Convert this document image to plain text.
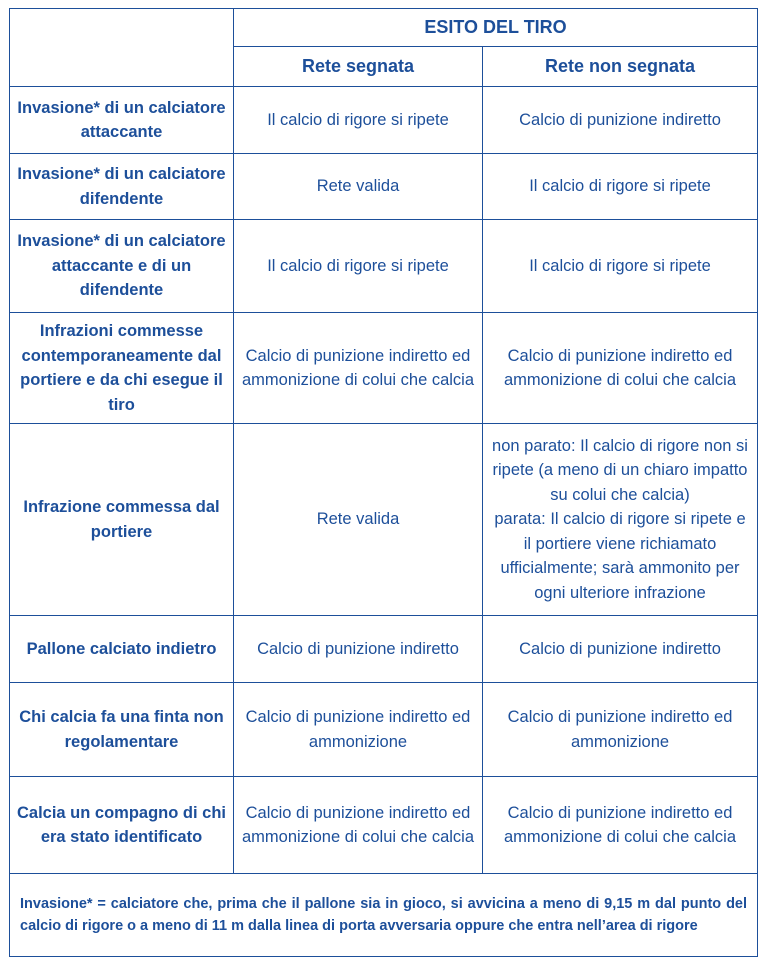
	ESITO DEL TIRO	
	Rete segnata	Rete non segnata
Invasione* di un calciatore attaccante	Il calcio di rigore si ripete	Calcio di punizione indiretto
Invasione* di un calciatore difendente	Rete valida	Il calcio di rigore si ripete
Invasione* di un calciatore attaccante e di un difendente	Il calcio di rigore si ripete	Il calcio di rigore si ripete
Infrazioni commesse contemporaneamente dal portiere e da chi esegue il tiro	Calcio di punizione indiretto ed ammonizione di colui che calcia	Calcio di punizione indiretto ed ammonizione di colui che calcia
Infrazione commessa dal portiere	Rete valida	non parato: Il calcio di rigore non si ripete (a meno di un chiaro impatto su colui che calcia)
parata: Il calcio di rigore si ripete e il portiere viene richiamato ufficialmente; sarà ammonito per ogni ulteriore infrazione

Pallone calciato indietro	Calcio di punizione indiretto	Calcio di punizione indiretto
Chi calcia fa una finta non regolamentare	Calcio di punizione indiretto ed ammonizione	Calcio di punizione indiretto ed ammonizione
Calcia un compagno di chi era stato identificato	Calcio di punizione indiretto ed ammonizione di colui che calcia	Calcio di punizione indiretto ed ammonizione di colui che calcia

Invasione* = calciatore che, prima che il pallone sia in gioco, si avvicina a meno di 9,15 m dal punto del calcio di rigore o a meno di 11 m dalla linea di porta avversaria oppure che entra nell’area di rigore		
